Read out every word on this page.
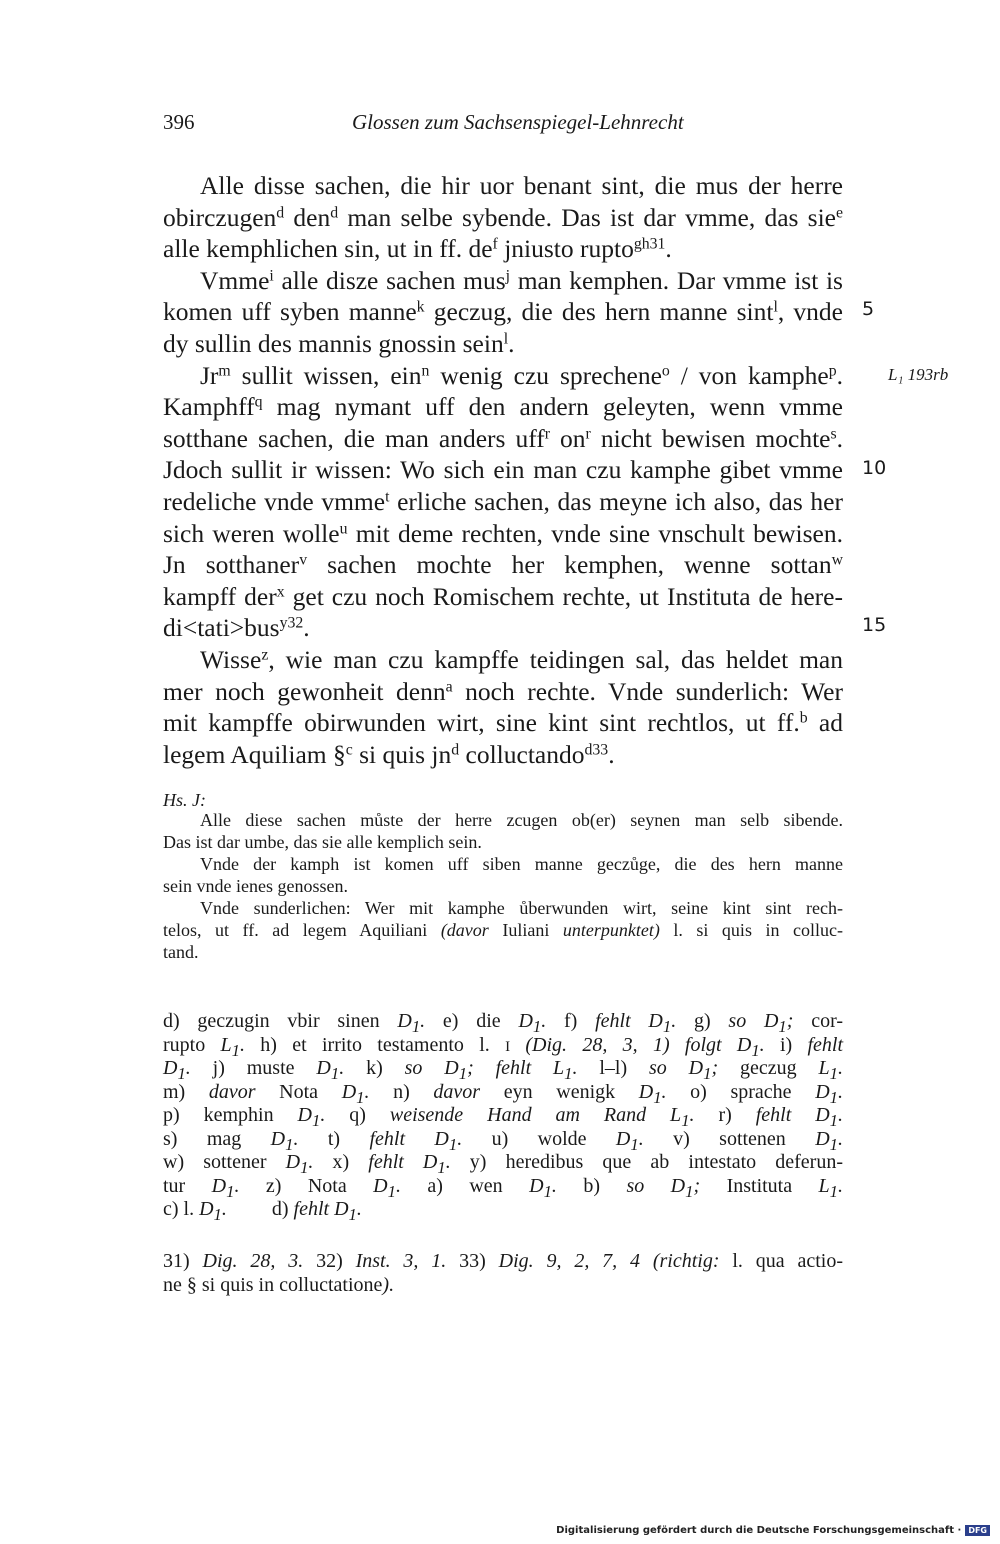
396	Glossen zum Sachsenspiegel-Lehnrecht
Alle disse sachen, die hir uor benant sint, die mus der herre
obirczugen$^d$ den$^d$ man selbe sybende. Das ist dar vmme, das sie$^e$
alle kemphlichen sin, ut in ff. $de^f$ jniusto rupto$^{gh31}$.
Vmme$^i$ alle disze sachen mus$^j$ man kemphen. Dar vmme ist is
komen uff syben manne$^k$ geczug, die des hern manne sint$^l$, vnde
dy sullin des mannis gnossin sein$^l$.
Jr$^m$ sullit wissen, ein$^n$ wenig czu sprechene$^o$ / von kamphe$^p$.
Kamphff$^q$ mag nymant uff den andern geleyten, wenn vmme
sotthane sachen, die man anders uff$^r$ $on^r$ nicht bewisen mochte$^s$.
Jdoch sullit ir wissen: Wo sich ein man czu kamphe gibet vmme
redeliche vnde vmme$^t$ erliche sachen, das meyne ich also, das her
sich weren wolle$^u$ mit deme rechten, vnde sine vnschult bewisen.
Jn sotthaner$^v$ sachen mochte her kemphen, wenne sottan$^w$
kampff der$^x$ get czu noch Romischem rechte, ut Instituta de here-
di<tati>bus$^{y32}$.
Wisse$^z$, wie man czu kampffe teidingen sal, das heldet man
mer noch gewonheit denn$^a$ noch rechte. Vnde sunderlich: Wer
mit kampffe obirwunden wirt, sine kint sint rechtlos, ut ff.$^b$ ad
legem Aquiliam §$^c$ si quis $jn^d$ colluctando$^{d33}$.
5
10
15
L₁ 193rb
Hs. J:
Alle diese sachen můste der herre zcugen ob(er) seynen man selb sibende.
Das ist dar umbe, das sie alle kemplich sein.
Vnde der kamph ist komen uff siben manne geczůge, die des hern manne
sein vnde ienes genossen.
Vnde sunderlichen: Wer mit kamphe ůberwunden wirt, seine kint sint rech-
telos, ut ff. ad legem Aquiliani (davor Iuliani unterpunktet) l. si quis in colluc-
tand.
d) geczugin vbir sinen $D_1$. e) die $D_1$. f) fehlt $D_1$. g) so $D_1$; cor-
rupto $L_1$. h) et irrito testamento l. I (Dig. 28, 3, 1) folgt $D_1$. i) fehlt
$D_1$. j) muste $D_1$. k) so $D_1$; fehlt $L_1$. l–l) so $D_1$; geczug $L_1$.
m) davor Nota $D_1$. n) davor eyn wenigk $D_1$. o) sprache $D_1$.
p) kemphin $D_1$. q) weisende Hand am Rand $L_1$. r) fehlt $D_1$.
s) mag $D_1$. t) fehlt $D_1$. u) wolde $D_1$. v) sottenen $D_1$.
w) sottener $D_1$. x) fehlt $D_1$. y) heredibus que ab intestato deferun-
tur $D_1$. z) Nota $D_1$. a) wen $D_1$. b) so $D_1$; Instituta $L_1$.
c) l. $D_1$.         d) fehlt $D_1$.
31) Dig. 28, 3. 32) Inst. 3, 1. 33) Dig. 9, 2, 7, 4 (richtig: l. qua actio-
ne § si quis in colluctatione).
Digitalisierung gefördert durch die Deutsche Forschungsgemeinschaft · DFG
